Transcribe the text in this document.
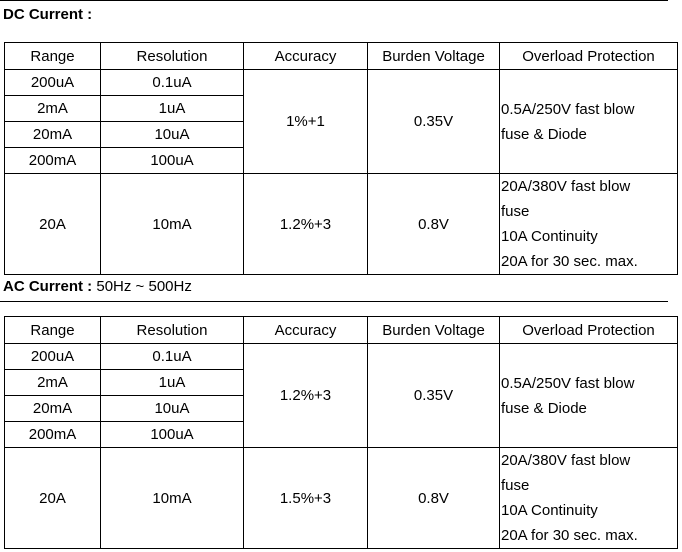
DC Current :
Range	Resolution	Accuracy	Burden Voltage	Overload Protection
200uA	0.1uA	1%+1	0.35V	0.5A/250V fast blow
fuse & Diode
2mA	1uA			
20mA	10uA			
200mA	100uA			
20A	10mA	1.2%+3	0.8V	20A/380V fast blow
fuse
10A Continuity
20A for 30 sec. max.
AC Current : 50Hz ~ 500Hz
Range	Resolution	Accuracy	Burden Voltage	Overload Protection
200uA	0.1uA	1.2%+3	0.35V	0.5A/250V fast blow
fuse & Diode
2mA	1uA			
20mA	10uA			
200mA	100uA			
20A	10mA	1.5%+3	0.8V	20A/380V fast blow
fuse
10A Continuity
20A for 30 sec. max.
